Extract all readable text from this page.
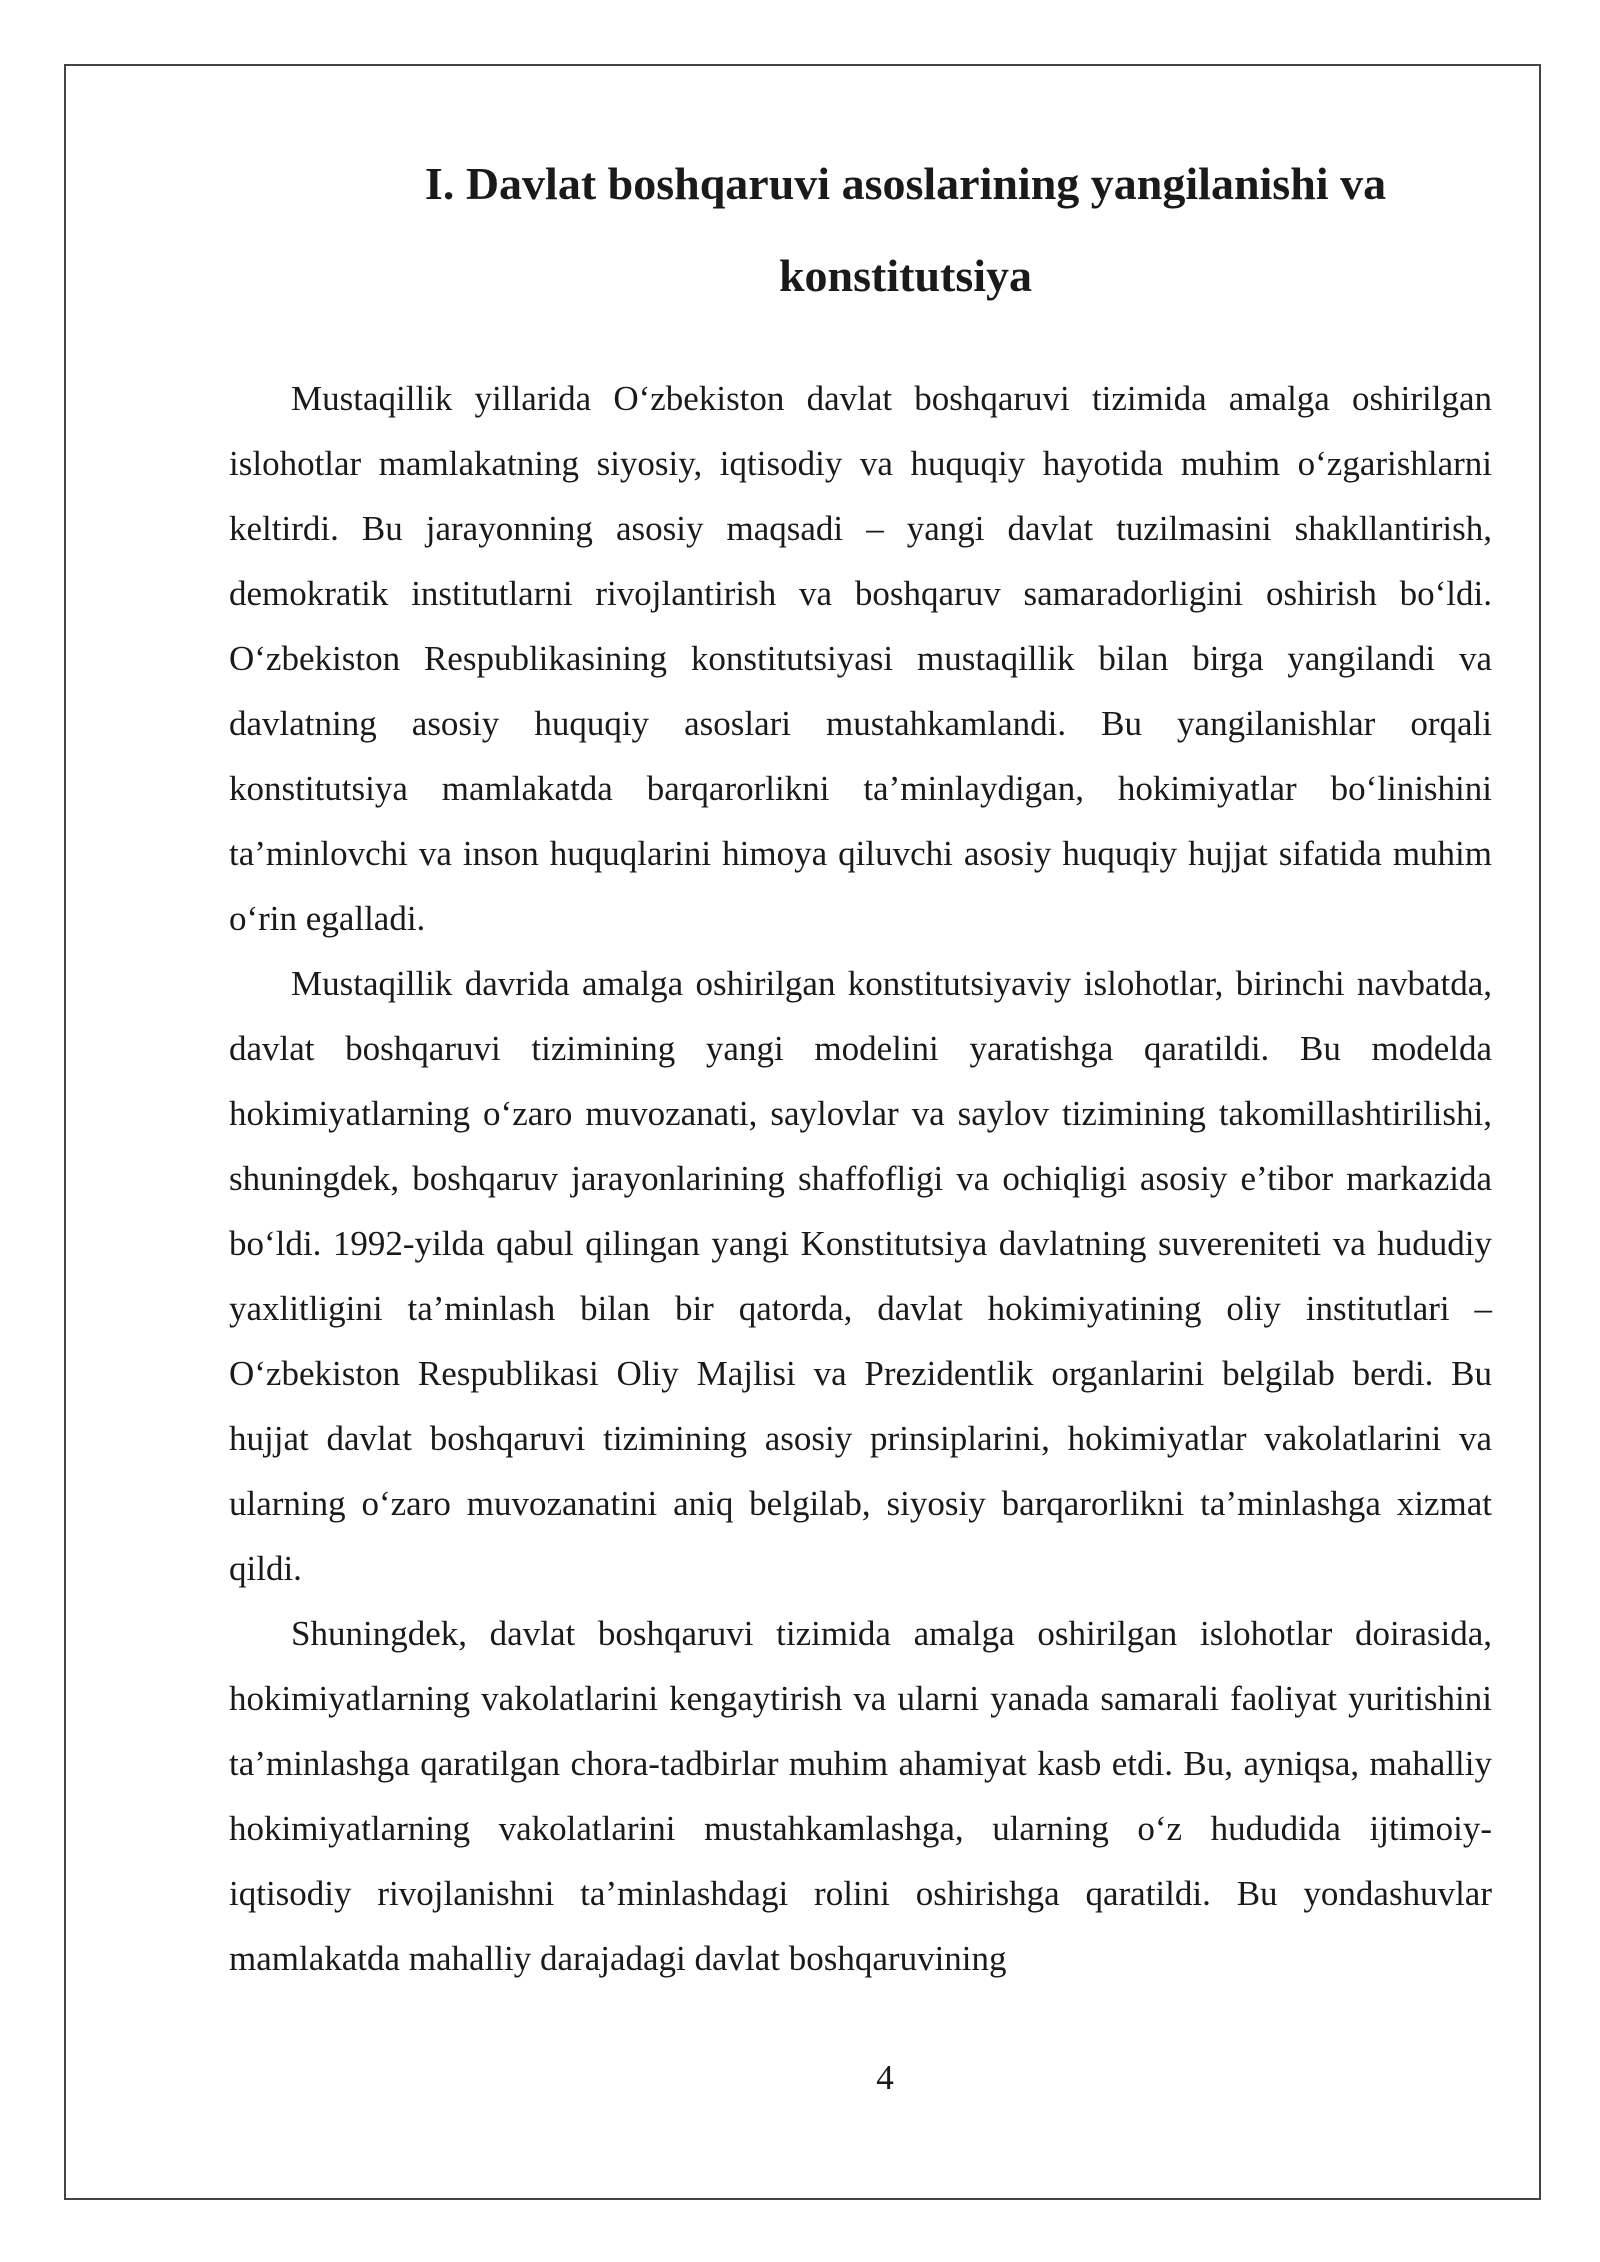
I. Davlat boshqaruvi asoslarining yangilanishi va konstitutsiya

Mustaqillik yillarida O‘zbekiston davlat boshqaruvi tizimida amalga oshirilgan islohotlar mamlakatning siyosiy, iqtisodiy va huquqiy hayotida muhim o‘zgarishlarni keltirdi. Bu jarayonning asosiy maqsadi – yangi davlat tuzilmasini shakllantirish, demokratik institutlarni rivojlantirish va boshqaruv samaradorligini oshirish bo‘ldi. O‘zbekiston Respublikasining konstitutsiyasi mustaqillik bilan birga yangilandi va davlatning asosiy huquqiy asoslari mustahkamlandi. Bu yangilanishlar orqali konstitutsiya mamlakatda barqarorlikni ta’minlaydigan, hokimiyatlar bo‘linishini ta’minlovchi va inson huquqlarini himoya qiluvchi asosiy huquqiy hujjat sifatida muhim o‘rin egalladi.

Mustaqillik davrida amalga oshirilgan konstitutsiyaviy islohotlar, birinchi navbatda, davlat boshqaruvi tizimining yangi modelini yaratishga qaratildi. Bu modelda hokimiyatlarning o‘zaro muvozanati, saylovlar va saylov tizimining takomillashtirilishi, shuningdek, boshqaruv jarayonlarining shaffofligi va ochiqligi asosiy e’tibor markazida bo‘ldi. 1992-yilda qabul qilingan yangi Konstitutsiya davlatning suvereniteti va hududiy yaxlitligini ta’minlash bilan bir qatorda, davlat hokimiyatining oliy institutlari – O‘zbekiston Respublikasi Oliy Majlisi va Prezidentlik organlarini belgilab berdi. Bu hujjat davlat boshqaruvi tizimining asosiy prinsiplarini, hokimiyatlar vakolatlarini va ularning o‘zaro muvozanatini aniq belgilab, siyosiy barqarorlikni ta’minlashga xizmat qildi.

Shuningdek, davlat boshqaruvi tizimida amalga oshirilgan islohotlar doirasida, hokimiyatlarning vakolatlarini kengaytirish va ularni yanada samarali faoliyat yuritishini ta’minlashga qaratilgan chora-tadbirlar muhim ahamiyat kasb etdi. Bu, ayniqsa, mahalliy hokimiyatlarning vakolatlarini mustahkamlashga, ularning o‘z hududida ijtimoiy-iqtisodiy rivojlanishni ta’minlashdagi rolini oshirishga qaratildi. Bu yondashuvlar mamlakatda mahalliy darajadagi davlat boshqaruvining

4
